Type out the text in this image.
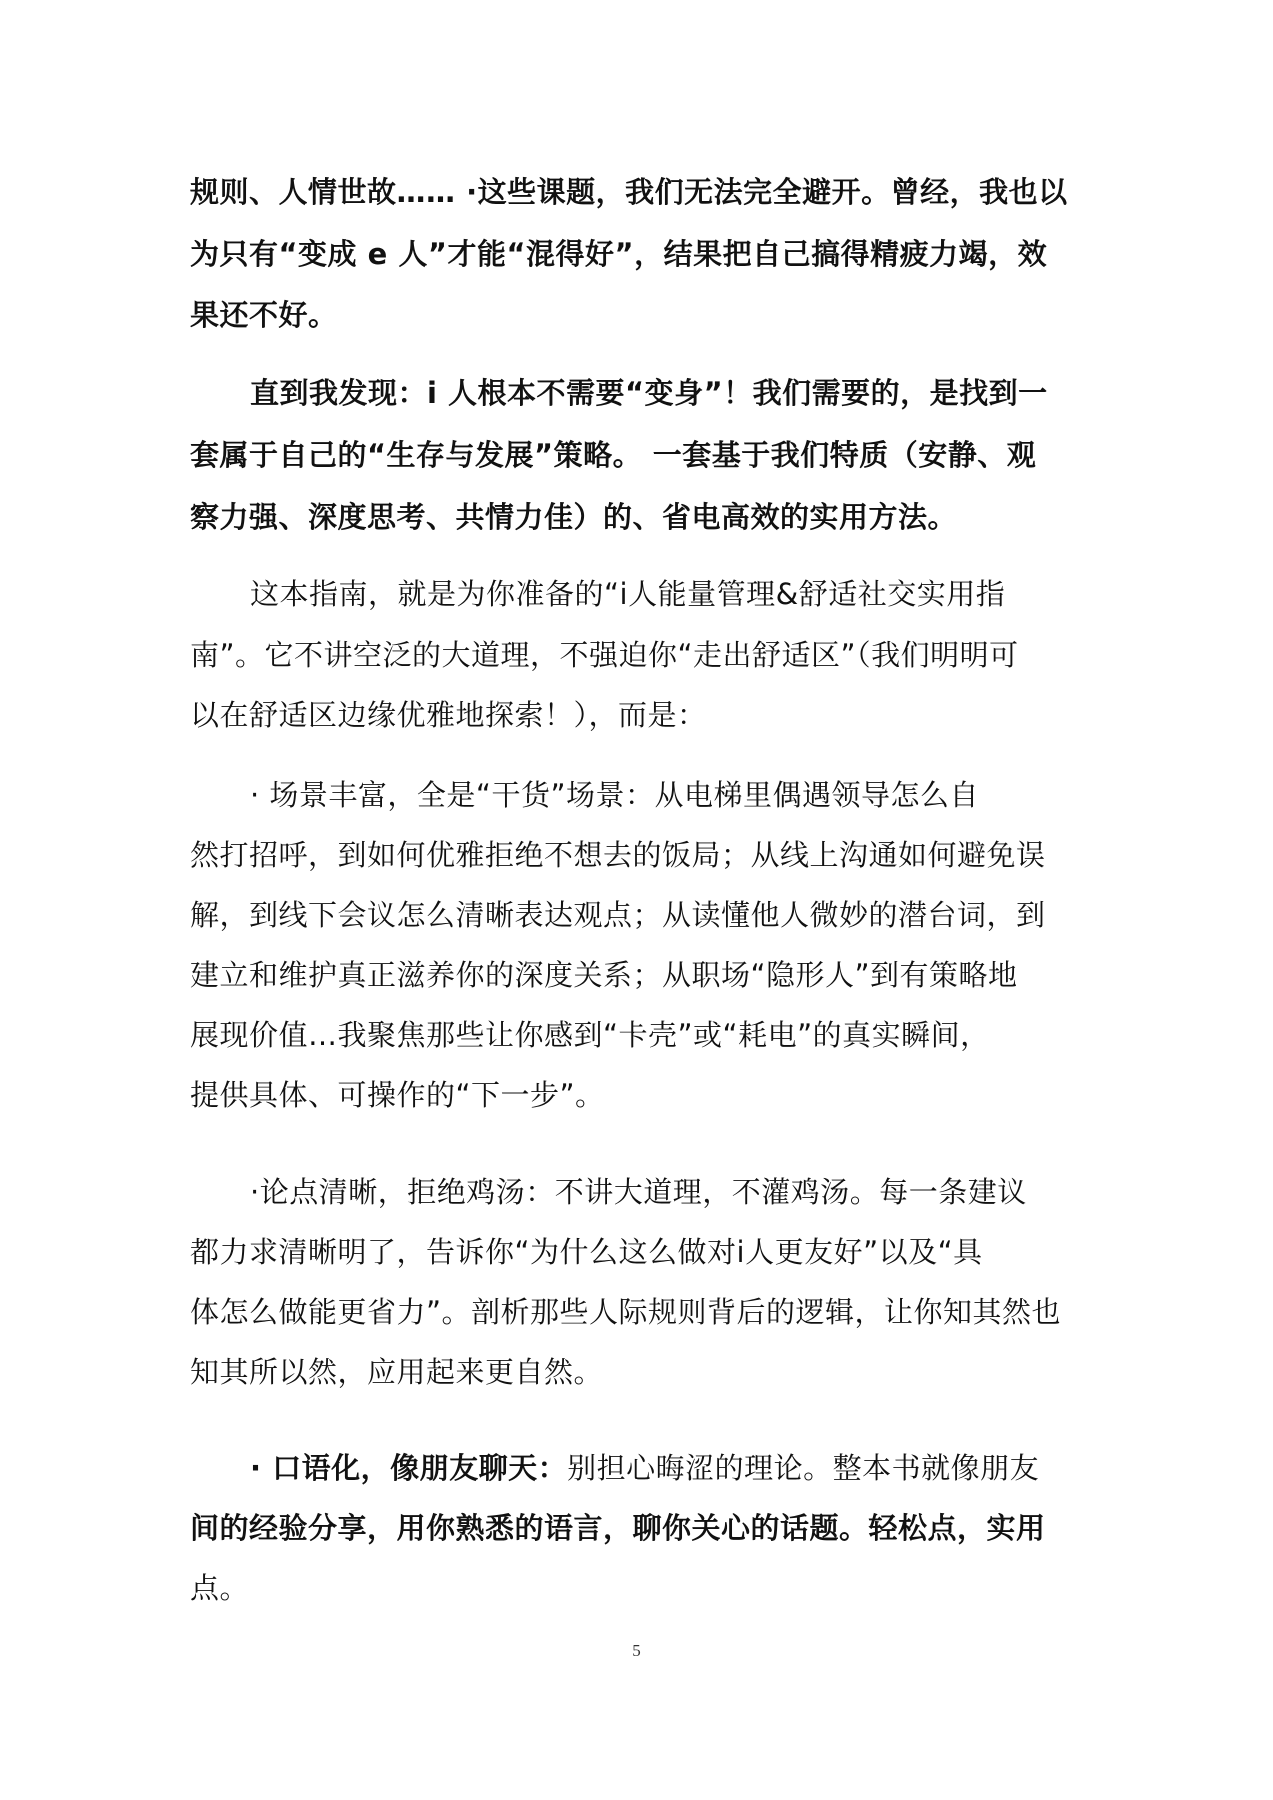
规则、人情世故…… ·这些课题，我们无法完全避开。曾经，我也以
为只有“变成 e 人”才能“混得好”，结果把自己搞得精疲力竭，效
果还不好。
直到我发现：i 人根本不需要“变身”！我们需要的，是找到一
套属于自己的“生存与发展”策略。 一套基于我们特质（安静、观
察力强、深度思考、共情力佳）的、省电高效的实用方法。
这本指南，就是为你准备的“i人能量管理&舒适社交实用指
南”。它不讲空泛的大道理，不强迫你“走出舒适区”（我们明明可
以在舒适区边缘优雅地探索！），而是：
· 场景丰富，全是“干货”场景：从电梯里偶遇领导怎么自
然打招呼，到如何优雅拒绝不想去的饭局；从线上沟通如何避免误
解，到线下会议怎么清晰表达观点；从读懂他人微妙的潜台词，到
建立和维护真正滋养你的深度关系；从职场“隐形人”到有策略地
展现价值…我聚焦那些让你感到“卡壳”或“耗电”的真实瞬间，
提供具体、可操作的“下一步”。
·论点清晰，拒绝鸡汤：不讲大道理，不灌鸡汤。每一条建议
都力求清晰明了，告诉你“为什么这么做对i人更友好”以及“具
体怎么做能更省力”。剖析那些人际规则背后的逻辑，让你知其然也
知其所以然，应用起来更自然。
· 口语化，像朋友聊天：别担心晦涩的理论。整本书就像朋友
间的经验分享，用你熟悉的语言，聊你关心的话题。轻松点，实用
点。
5
